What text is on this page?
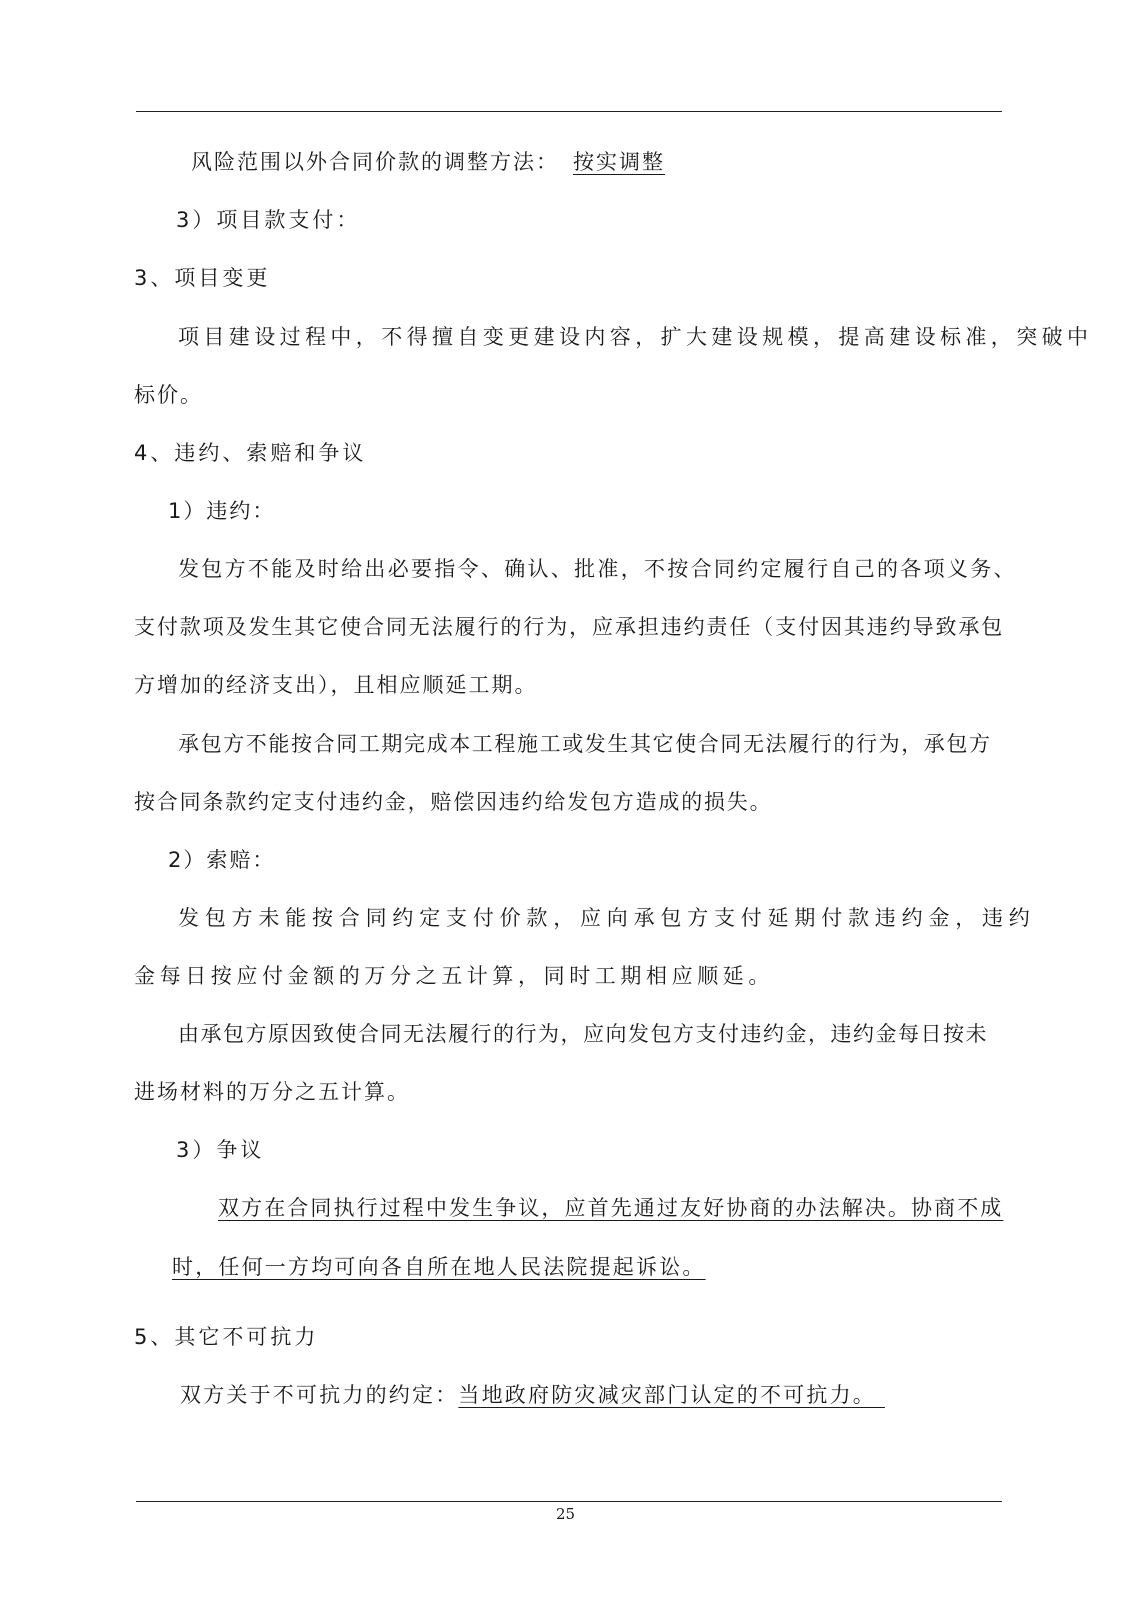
风险范围以外合同价款的调整方法： 按实调整
3）项目款支付：
3、项目变更
项目建设过程中，不得擅自变更建设内容，扩大建设规模，提高建设标准，突破中
标价。
4、违约、索赔和争议
1）违约：
发包方不能及时给出必要指令、确认、批准，不按合同约定履行自己的各项义务、
支付款项及发生其它使合同无法履行的行为，应承担违约责任（支付因其违约导致承包
方增加的经济支出），且相应顺延工期。
承包方不能按合同工期完成本工程施工或发生其它使合同无法履行的行为，承包方
按合同条款约定支付违约金，赔偿因违约给发包方造成的损失。
2）索赔：
发包方未能按合同约定支付价款，应向承包方支付延期付款违约金，违约
金每日按应付金额的万分之五计算，同时工期相应顺延。
由承包方原因致使合同无法履行的行为，应向发包方支付违约金，违约金每日按未
进场材料的万分之五计算。
3）争议
双方在合同执行过程中发生争议，应首先通过友好协商的办法解决。协商不成
时，任何一方均可向各自所在地人民法院提起诉讼。
5、其它不可抗力
双方关于不可抗力的约定：当地政府防灾减灾部门认定的不可抗力。
25
